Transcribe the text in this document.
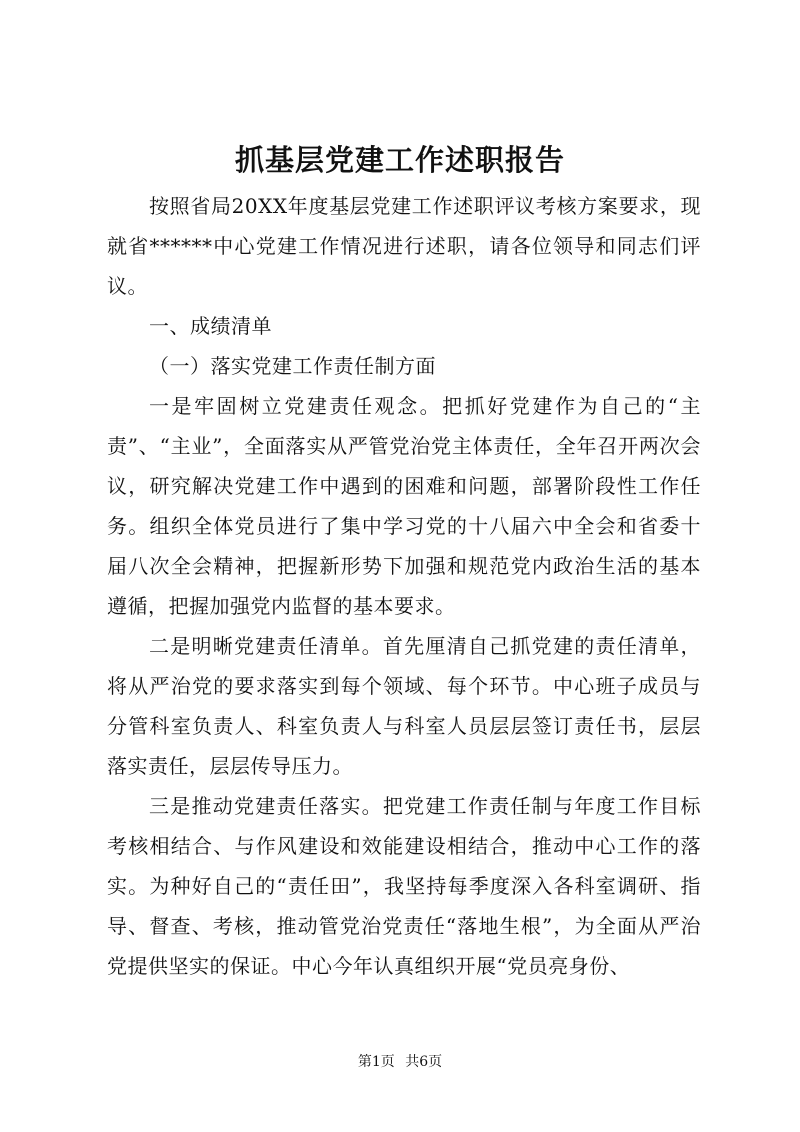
抓基层党建工作述职报告

按照省局20XX年度基层党建工作述职评议考核方案要求，现就省******中心党建工作情况进行述职，请各位领导和同志们评议。

一、成绩清单

（一）落实党建工作责任制方面

一是牢固树立党建责任观念。把抓好党建作为自己的“主责”、“主业”，全面落实从严管党治党主体责任，全年召开两次会议，研究解决党建工作中遇到的困难和问题，部署阶段性工作任务。组织全体党员进行了集中学习党的十八届六中全会和省委十届八次全会精神，把握新形势下加强和规范党内政治生活的基本遵循，把握加强党内监督的基本要求。

二是明晰党建责任清单。首先厘清自己抓党建的责任清单，将从严治党的要求落实到每个领域、每个环节。中心班子成员与分管科室负责人、科室负责人与科室人员层层签订责任书，层层落实责任，层层传导压力。

三是推动党建责任落实。把党建工作责任制与年度工作目标考核相结合、与作风建设和效能建设相结合，推动中心工作的落实。为种好自己的“责任田”，我坚持每季度深入各科室调研、指导、督查、考核，推动管党治党责任“落地生根”，为全面从严治党提供坚实的保证。中心今年认真组织开展“党员亮身份、

第1页 共6页
